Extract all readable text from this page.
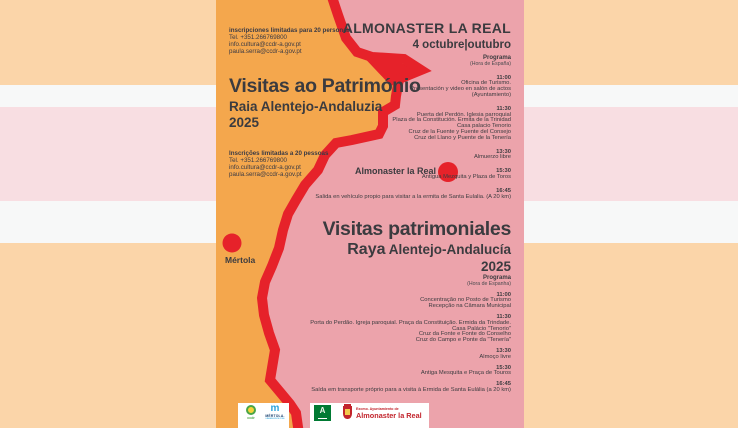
inscripciones limitadas para 20 personas
Tel. +351.266769800
info.cultura@ccdr-a.gov.pt
paula.serra@ccdr-a.gov.pt
Visitas ao Património
Raia Alentejo-Andaluzia
2025
Inscrições limitadas a 20 pessoas
Tel. +351.266769800
info.cultura@ccdr-a.gov.pt
paula.serra@ccdr-a.gov.pt
Mértola
Almonaster la Real
ALMONASTER LA REAL
4 octubre|outubro
Programa
(Hora de España)
11:00
Oficina de Turismo.
Presentación y video en salón de actos
(Ayuntamiento)
11:30
Puerta del Perdón. Iglesia parroquial
Plaza de la Constitución. Ermita de la Trinidad
Casa palacio Tenorio
Cruz de la Fuente y Fuente del Consejo
Cruz del Llano y Puente de la Tenería
13:30
Almuerzo libre
15:30
Antigua Mezquita y Plaza de Toros
16:45
Salida en vehículo propio para visitar a la ermita de Santa Eulalia. (A 20 km)
Visitas patrimoniales
Raya Alentejo-Andalucía
2025
Programa
(Hora de Espanha)
11:00
Concentração no Posto de Turismo
Recepção na Câmara Municipal
11:30
Porta do Perdão. Igreja paroquial. Praça da Constituição. Ermida da Trindade.
Casa Palácio "Tenorio"
Cruz da Fonte e Fonte do Conselho
Cruz do Campo e Ponte da "Tenería"
13:30
Almoço livre
15:30
Antiga Mesquita e Praça de Touros
16:45
Saída em transporte próprio para a visita à Ermida de Santa Eulália (a 20 km)
ccdr
m
MÉRTOLA.
CÂMARA MUNICIPAL
A	Excmo. Ayuntamiento de
Almonaster la Real
